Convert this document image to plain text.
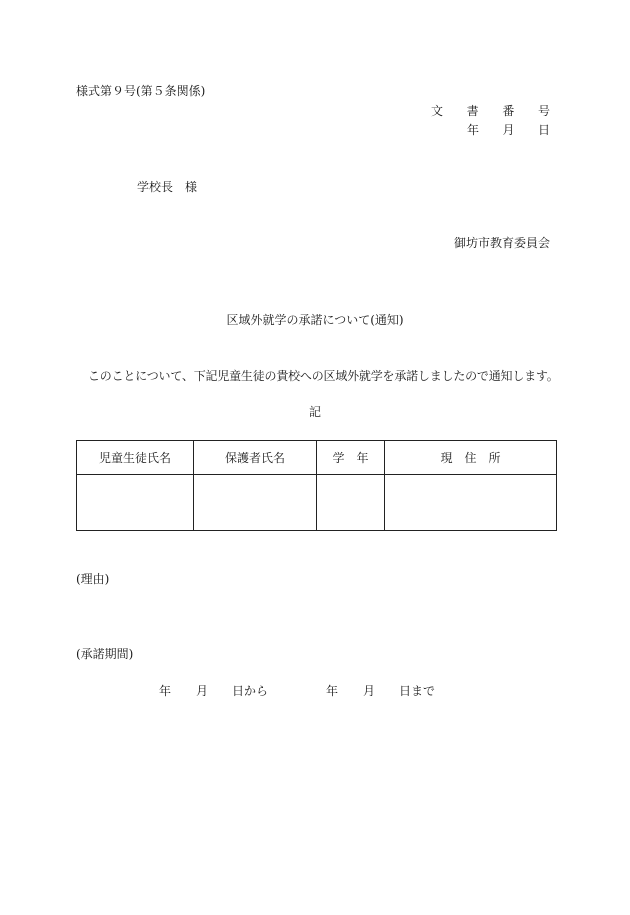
様式第９号(第５条関係)
文 書 番 号
年 月 日
学校長 様
御坊市教育委員会
区域外就学の承諾について(通知)
このことについて、下記児童生徒の貴校への区域外就学を承諾しましたので通知します。
記
児童生徒氏名	保護者氏名	学　年	現　住　所

(理由)
(承諾期間)
年 月 日から	年 月 日まで
